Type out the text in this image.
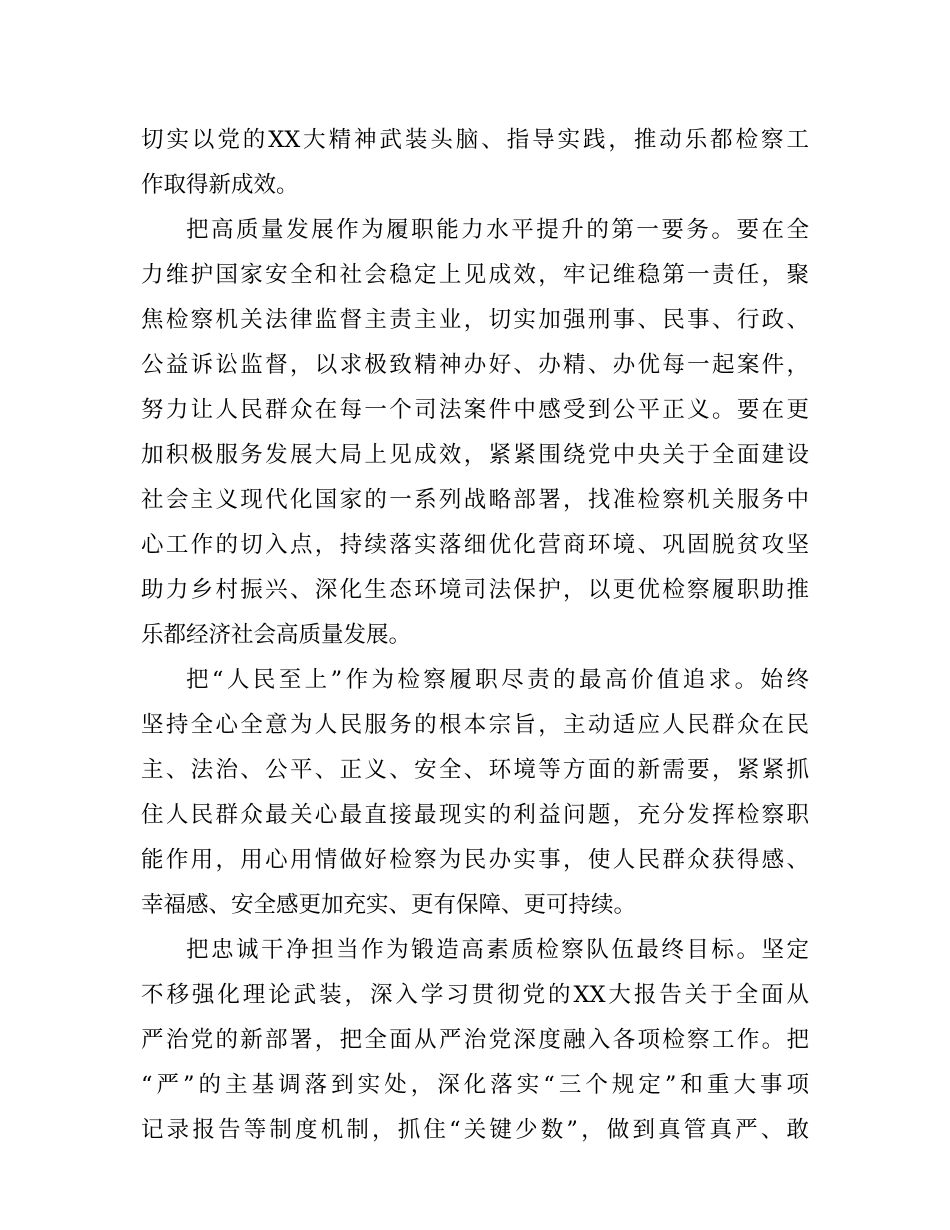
切实以党的XX大精神武装头脑、指导实践，推动乐都检察工
作取得新成效。
把高质量发展作为履职能力水平提升的第一要务。要在全
力维护国家安全和社会稳定上见成效，牢记维稳第一责任，聚
焦检察机关法律监督主责主业，切实加强刑事、民事、行政、
公益诉讼监督，以求极致精神办好、办精、办优每一起案件，
努力让人民群众在每一个司法案件中感受到公平正义。要在更
加积极服务发展大局上见成效，紧紧围绕党中央关于全面建设
社会主义现代化国家的一系列战略部署，找准检察机关服务中
心工作的切入点，持续落实落细优化营商环境、巩固脱贫攻坚
助力乡村振兴、深化生态环境司法保护，以更优检察履职助推
乐都经济社会高质量发展。
把“人民至上”作为检察履职尽责的最高价值追求。始终
坚持全心全意为人民服务的根本宗旨，主动适应人民群众在民
主、法治、公平、正义、安全、环境等方面的新需要，紧紧抓
住人民群众最关心最直接最现实的利益问题，充分发挥检察职
能作用，用心用情做好检察为民办实事，使人民群众获得感、
幸福感、安全感更加充实、更有保障、更可持续。
把忠诚干净担当作为锻造高素质检察队伍最终目标。坚定
不移强化理论武装，深入学习贯彻党的XX大报告关于全面从
严治党的新部署，把全面从严治党深度融入各项检察工作。把
“严”的主基调落到实处，深化落实“三个规定”和重大事项
记录报告等制度机制，抓住“关键少数”，做到真管真严、敢
